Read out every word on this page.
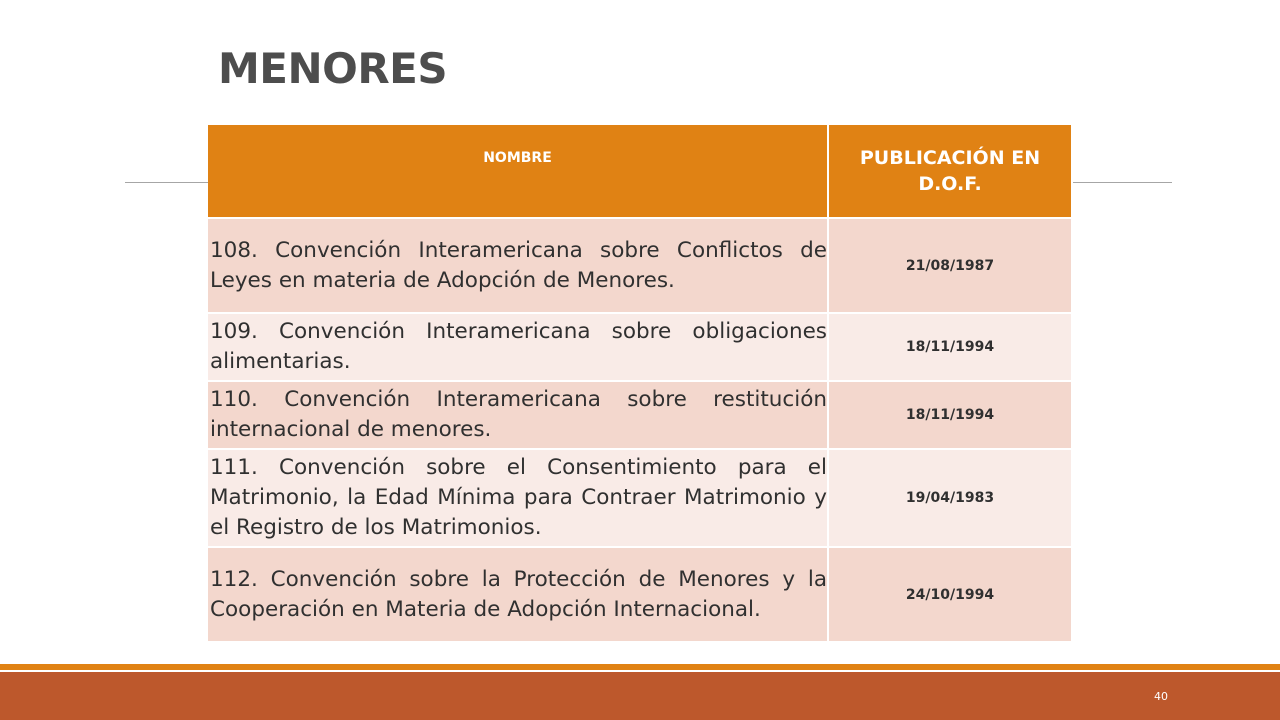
MENORES
NOMBRE	PUBLICACIÓN EN D.O.F.
108. Convención Interamericana sobre Conflictos de Leyes en materia de Adopción de Menores.	21/08/1987
109. Convención Interamericana sobre obligaciones alimentarias.	18/11/1994
110. Convención Interamericana sobre restitución internacional de menores.	18/11/1994
111. Convención sobre el Consentimiento para el Matrimonio, la Edad Mínima para Contraer Matrimonio y el Registro de los Matrimonios.	19/04/1983
112. Convención sobre la Protección de Menores y la Cooperación en Materia de Adopción Internacional.	24/10/1994
40
